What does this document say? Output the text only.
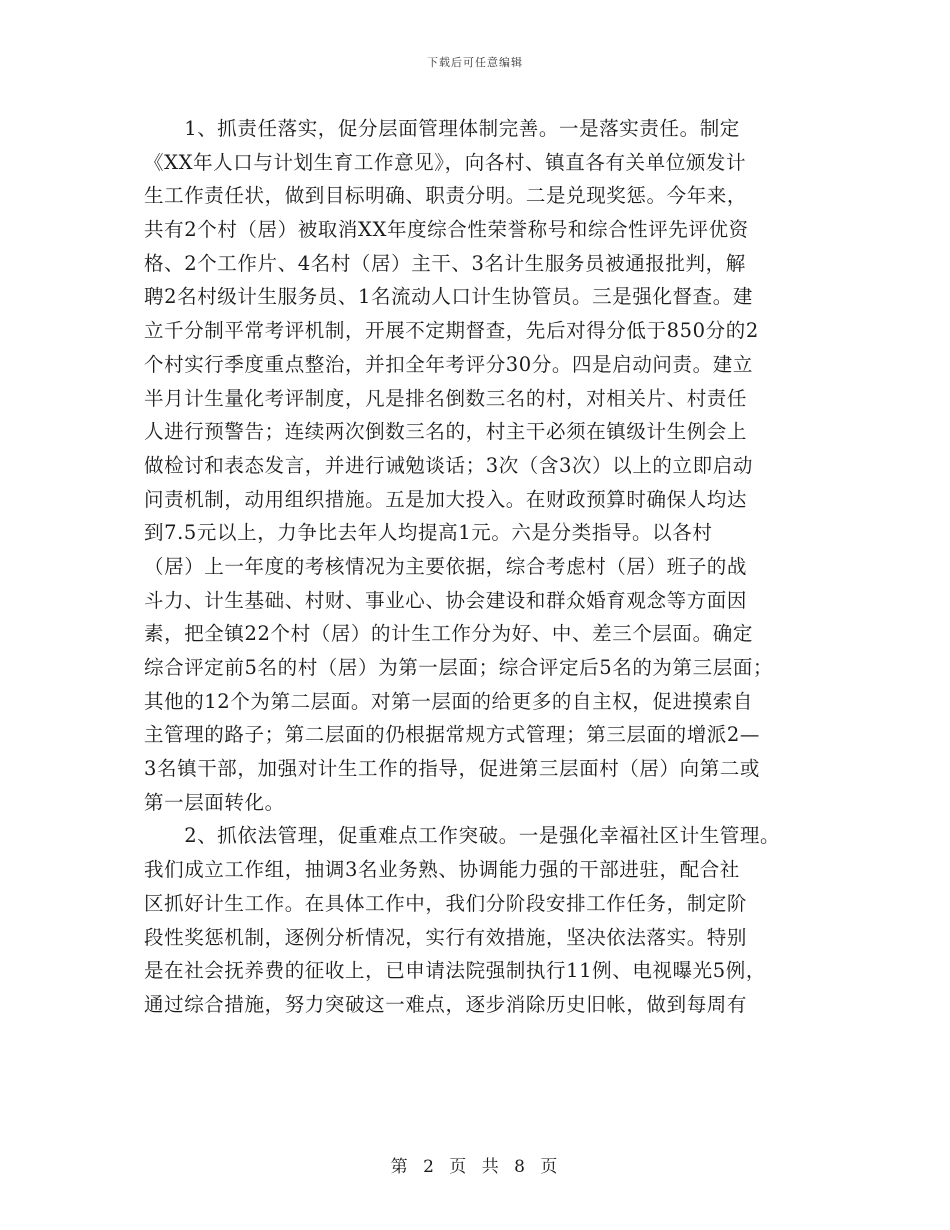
下载后可任意编辑
　　1、抓责任落实，促分层面管理体制完善。一是落实责任。制定
《XX年人口与计划生育工作意见》，向各村、镇直各有关单位颁发计
生工作责任状，做到目标明确、职责分明。二是兑现奖惩。今年来，
共有2个村（居）被取消XX年度综合性荣誉称号和综合性评先评优资
格、2个工作片、4名村（居）主干、3名计生服务员被通报批判，解
聘2名村级计生服务员、1名流动人口计生协管员。三是强化督查。建
立千分制平常考评机制，开展不定期督查，先后对得分低于850分的2
个村实行季度重点整治，并扣全年考评分30分。四是启动问责。建立
半月计生量化考评制度，凡是排名倒数三名的村，对相关片、村责任
人进行预警告；连续两次倒数三名的，村主干必须在镇级计生例会上
做检讨和表态发言，并进行诫勉谈话；3次（含3次）以上的立即启动
问责机制，动用组织措施。五是加大投入。在财政预算时确保人均达
到7.5元以上，力争比去年人均提高1元。六是分类指导。以各村
（居）上一年度的考核情况为主要依据，综合考虑村（居）班子的战
斗力、计生基础、村财、事业心、协会建设和群众婚育观念等方面因
素，把全镇22个村（居）的计生工作分为好、中、差三个层面。确定
综合评定前5名的村（居）为第一层面；综合评定后5名的为第三层面；
其他的12个为第二层面。对第一层面的给更多的自主权，促进摸索自
主管理的路子；第二层面的仍根据常规方式管理；第三层面的增派2—
3名镇干部，加强对计生工作的指导，促进第三层面村（居）向第二或
第一层面转化。
　　2、抓依法管理，促重难点工作突破。一是强化幸福社区计生管理。
我们成立工作组，抽调3名业务熟、协调能力强的干部进驻，配合社
区抓好计生工作。在具体工作中，我们分阶段安排工作任务，制定阶
段性奖惩机制，逐例分析情况，实行有效措施，坚决依法落实。特别
是在社会抚养费的征收上，已申请法院强制执行11例、电视曝光5例，
通过综合措施，努力突破这一难点，逐步消除历史旧帐，做到每周有
第 2 页 共 8 页
